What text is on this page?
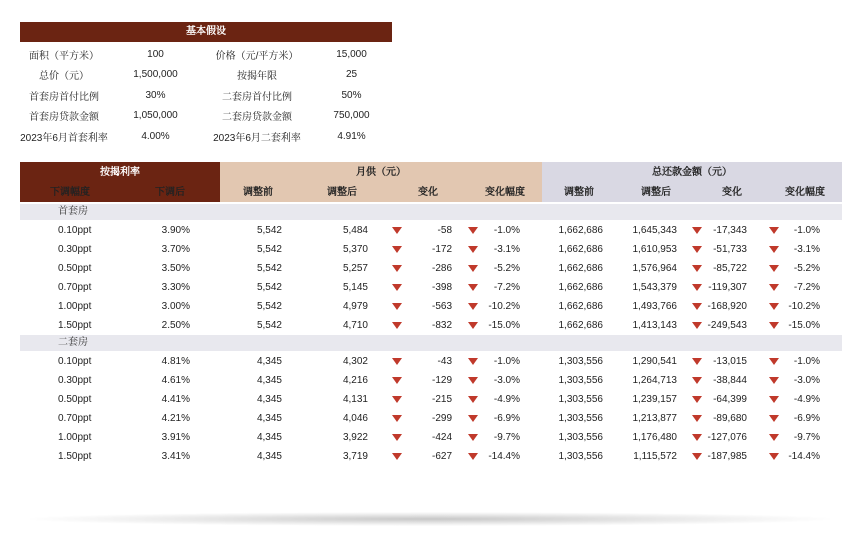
基本假设
面积（平方米）	100	价格（元/平方米）	15,000
总价（元）	1,500,000	按揭年限	25
首套房首付比例	30%	二套房首付比例	50%
首套房贷款金额	1,050,000	二套房贷款金额	750,000
2023年6月首套利率	4.00%	2023年6月二套利率	4.91%
按揭利率	月供（元）	总还款金额（元）
下调幅度	下调后	调整前	调整后	变化	变化幅度	调整前	调整后	变化	变化幅度
首套房
0.10ppt	3.90%	5,542	5,484	-58	-1.0%	1,662,686	1,645,343	-17,343	-1.0%
0.30ppt	3.70%	5,542	5,370	-172	-3.1%	1,662,686	1,610,953	-51,733	-3.1%
0.50ppt	3.50%	5,542	5,257	-286	-5.2%	1,662,686	1,576,964	-85,722	-5.2%
0.70ppt	3.30%	5,542	5,145	-398	-7.2%	1,662,686	1,543,379	-119,307	-7.2%
1.00ppt	3.00%	5,542	4,979	-563	-10.2%	1,662,686	1,493,766	-168,920	-10.2%
1.50ppt	2.50%	5,542	4,710	-832	-15.0%	1,662,686	1,413,143	-249,543	-15.0%
二套房
0.10ppt	4.81%	4,345	4,302	-43	-1.0%	1,303,556	1,290,541	-13,015	-1.0%
0.30ppt	4.61%	4,345	4,216	-129	-3.0%	1,303,556	1,264,713	-38,844	-3.0%
0.50ppt	4.41%	4,345	4,131	-215	-4.9%	1,303,556	1,239,157	-64,399	-4.9%
0.70ppt	4.21%	4,345	4,046	-299	-6.9%	1,303,556	1,213,877	-89,680	-6.9%
1.00ppt	3.91%	4,345	3,922	-424	-9.7%	1,303,556	1,176,480	-127,076	-9.7%
1.50ppt	3.41%	4,345	3,719	-627	-14.4%	1,303,556	1,115,572	-187,985	-14.4%
